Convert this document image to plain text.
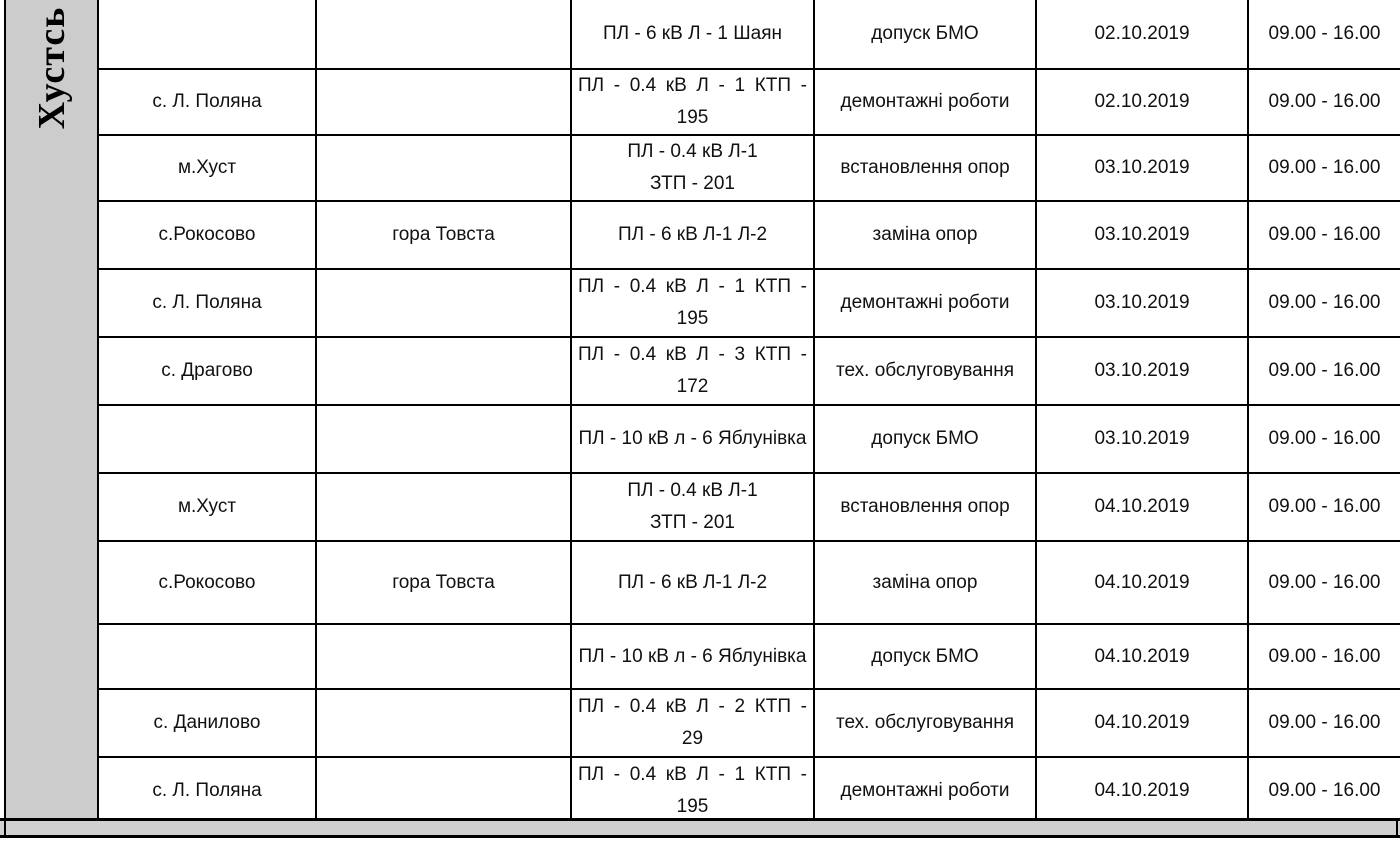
Хустсь

		ПЛ - 6 кВ Л - 1 Шаян	допуск БМО	02.10.2019	09.00 - 16.00
с. Л. Поляна		ПЛ - 0.4 кВ Л - 1 КТП -
195	демонтажні роботи	02.10.2019	09.00 - 16.00
м.Хуст		ПЛ - 0.4 кВ Л-1
ЗТП - 201	встановлення опор	03.10.2019	09.00 - 16.00
с.Рокосово	гора Товста	ПЛ - 6 кВ Л-1 Л-2	заміна опор	03.10.2019	09.00 - 16.00
с. Л. Поляна		ПЛ - 0.4 кВ Л - 1 КТП -
195	демонтажні роботи	03.10.2019	09.00 - 16.00
с. Драгово		ПЛ - 0.4 кВ Л - 3 КТП -
172	тех. обслуговування	03.10.2019	09.00 - 16.00

		ПЛ - 10 кВ л - 6 Яблунівка	допуск БМО	03.10.2019	09.00 - 16.00
м.Хуст		ПЛ - 0.4 кВ Л-1
ЗТП - 201	встановлення опор	04.10.2019	09.00 - 16.00
с.Рокосово	гора Товста	ПЛ - 6 кВ Л-1 Л-2	заміна опор	04.10.2019	09.00 - 16.00

		ПЛ - 10 кВ л - 6 Яблунівка	допуск БМО	04.10.2019	09.00 - 16.00
с. Данилово		ПЛ - 0.4 кВ Л - 2 КТП -
29	тех. обслуговування	04.10.2019	09.00 - 16.00
с. Л. Поляна		ПЛ - 0.4 кВ Л - 1 КТП -
195	демонтажні роботи	04.10.2019	09.00 - 16.00
